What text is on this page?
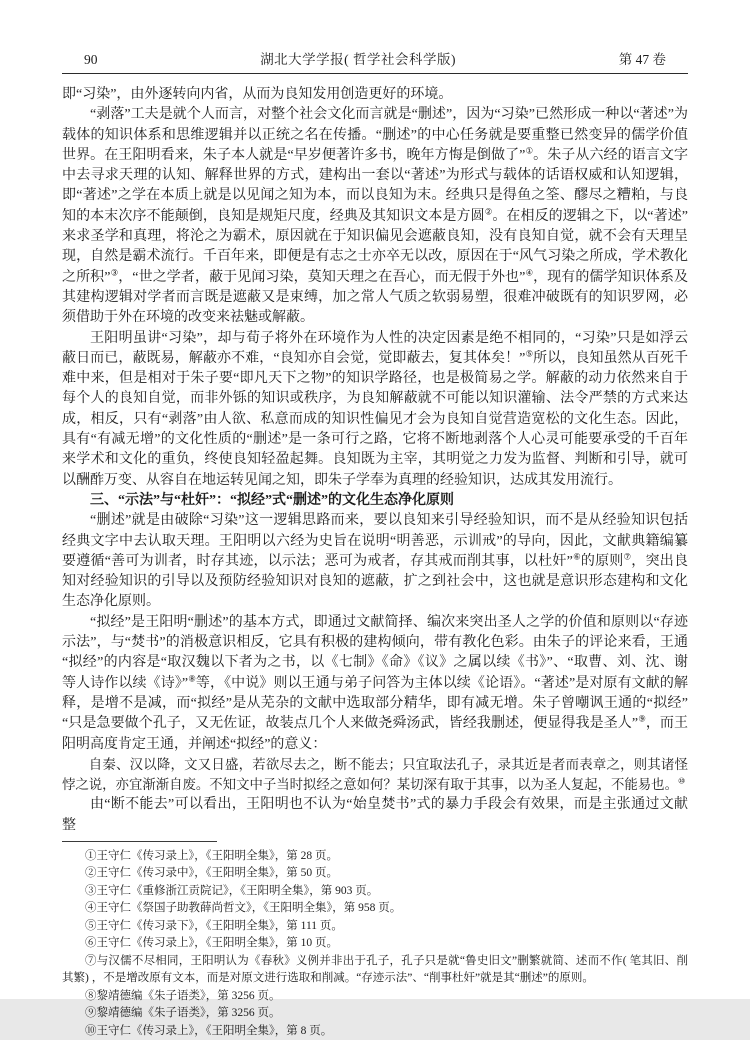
90	湖北大学学报( 哲学社会科学版)	第 47 卷

即“习染”，由外逐转向内省，从而为良知发用创造更好的环境。

“剥落”工夫是就个人而言，对整个社会文化而言就是“删述”，因为“习染”已然形成一种以“著述”为载体的知识体系和思维逻辑并以正统之名在传播。“删述”的中心任务就是要重整已然变异的儒学价值世界。在王阳明看来，朱子本人就是“早岁便著许多书，晚年方悔是倒做了”①。朱子从六经的语言文字中去寻求天理的认知、解释世界的方式，建构出一套以“著述”为形式与载体的话语权威和认知逻辑，即“著述”之学在本质上就是以见闻之知为本，而以良知为末。经典只是得鱼之筌、醪尽之糟粕，与良知的本末次序不能颠倒，良知是规矩尺度，经典及其知识文本是方圆②。在相反的逻辑之下，以“著述”来求圣学和真理，将沦之为霸术，原因就在于知识偏见会遮蔽良知，没有良知自觉，就不会有天理呈现，自然是霸术流行。千百年来，即便是有志之士亦卒无以改，原因在于“风气习染之所成，学术教化之所积”③，“世之学者，蔽于见闻习染，莫知天理之在吾心，而无假于外也”④，现有的儒学知识体系及其建构逻辑对学者而言既是遮蔽又是束缚，加之常人气质之软弱易塑，很难冲破既有的知识罗网，必须借助于外在环境的改变来祛魅或解蔽。

王阳明虽讲“习染”，却与荀子将外在环境作为人性的决定因素是绝不相同的，“习染”只是如浮云蔽日而已，蔽既易，解蔽亦不难，“良知亦自会觉，觉即蔽去，复其体矣！”⑤所以，良知虽然从百死千难中来，但是相对于朱子要“即凡天下之物”的知识学路径，也是极简易之学。解蔽的动力依然来自于每个人的良知自觉，而非外铄的知识或秩序，为良知解蔽就不可能以知识灌输、法令严禁的方式来达成，相反，只有“剥落”由人欲、私意而成的知识性偏见才会为良知自觉营造宽松的文化生态。因此，具有“有减无增”的文化性质的“删述”是一条可行之路，它将不断地剥落个人心灵可能要承受的千百年来学术和文化的重负，终使良知轻盈起舞。良知既为主宰，其明觉之力发为监督、判断和引导，就可以酬酢万变、从容自在地运转见闻之知，即朱子学奉为真理的经验知识，达成其发用流行。

三、“示法”与“杜奸”：“拟经”式“删述”的文化生态净化原则

“删述”就是由破除“习染”这一逻辑思路而来，要以良知来引导经验知识，而不是从经验知识包括经典文字中去认取天理。王阳明以六经为史旨在说明“明善恶，示训戒”的导向，因此，文献典籍编纂要遵循“善可为训者，时存其迹，以示法；恶可为戒者，存其戒而削其事，以杜奸”⑥的原则⑦，突出良知对经验知识的引导以及预防经验知识对良知的遮蔽，扩之到社会中，这也就是意识形态建构和文化生态净化原则。

“拟经”是王阳明“删述”的基本方式，即通过文献简择、编次来突出圣人之学的价值和原则以“存迹示法”，与“焚书”的消极意识相反，它具有积极的建构倾向，带有教化色彩。由朱子的评论来看，王通“拟经”的内容是“取汉魏以下者为之书，以《七制》《命》《议》之属以续《书》”、“取曹、刘、沈、谢等人诗作以续《诗》”⑧等，《中说》则以王通与弟子问答为主体以续《论语》。“著述”是对原有文献的解释，是增不是减，而“拟经”是从芜杂的文献中选取部分精华，即有减无增。朱子曾嘲讽王通的“拟经”“只是急要做个孔子，又无佐证，故装点几个人来做尧舜汤武，皆经我删述，便显得我是圣人”⑨，而王阳明高度肯定王通，并阐述“拟经”的意义：

自秦、汉以降，文又日盛，若欲尽去之，断不能去；只宜取法孔子，录其近是者而表章之，则其诸怪悖之说，亦宜渐渐自废。不知文中子当时拟经之意如何？某切深有取于其事，以为圣人复起，不能易也。⑩

由“断不能去”可以看出，王阳明也不认为“始皇焚书”式的暴力手段会有效果，而是主张通过文献整

①王守仁《传习录上》，《王阳明全集》，第 28 页。

②王守仁《传习录中》，《王阳明全集》，第 50 页。

③王守仁《重修浙江贡院记》，《王阳明全集》，第 903 页。

④王守仁《祭国子助教薛尚哲文》，《王阳明全集》，第 958 页。

⑤王守仁《传习录下》，《王阳明全集》，第 111 页。

⑥王守仁《传习录上》，《王阳明全集》，第 10 页。

⑦与汉儒不尽相同，王阳明认为《春秋》义例并非出于孔子，孔子只是就“鲁史旧文”删繁就简、述而不作( 笔其旧、削其繁) ，不是增改原有文本，而是对原文进行选取和削减。“存迹示法”、“削事杜奸”就是其“删述”的原则。

⑧黎靖德编《朱子语类》，第 3256 页。

⑨黎靖德编《朱子语类》，第 3256 页。

⑩王守仁《传习录上》，《王阳明全集》，第 8 页。
